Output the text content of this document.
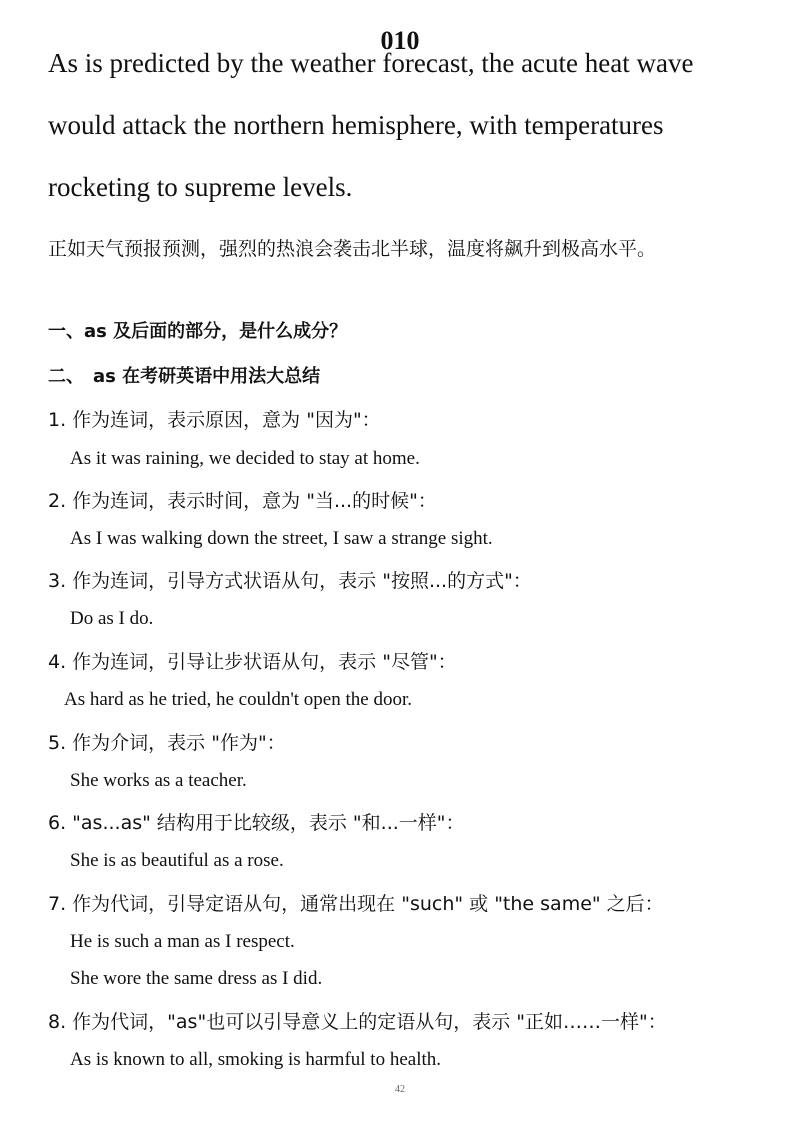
010
As is predicted by the weather forecast, the acute heat wave
would attack the northern hemisphere, with temperatures
rocketing to supreme levels.
正如天气预报预测，强烈的热浪会袭击北半球，温度将飙升到极高水平。
一、as 及后面的部分，是什么成分？
二、　as 在考研英语中用法大总结
1. 作为连词，表示原因，意为 "因为"：
As it was raining, we decided to stay at home.
2. 作为连词，表示时间，意为 "当...的时候"：
As I was walking down the street, I saw a strange sight.
3. 作为连词，引导方式状语从句，表示 "按照...的方式"：
Do as I do.
4. 作为连词，引导让步状语从句，表示 "尽管"：
As hard as he tried, he couldn't open the door.
5. 作为介词，表示 "作为"：
She works as a teacher.
6. "as...as" 结构用于比较级，表示 "和...一样"：
She is as beautiful as a rose.
7. 作为代词，引导定语从句，通常出现在 "such" 或 "the same" 之后：
He is such a man as I respect.
She wore the same dress as I did.
8. 作为代词，"as"也可以引导意义上的定语从句，表示 "正如……一样"：
As is known to all, smoking is harmful to health.
42
